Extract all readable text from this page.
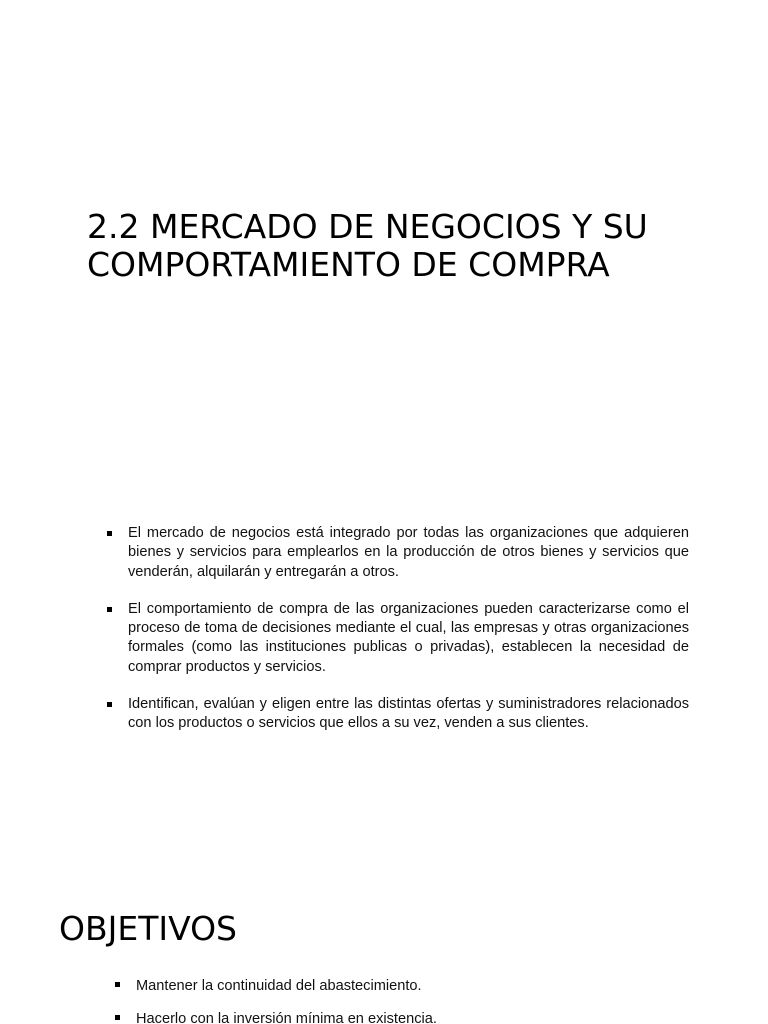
2.2 MERCADO DE NEGOCIOS Y SU
COMPORTAMIENTO DE COMPRA
El mercado de negocios está integrado por todas las organizaciones que adquieren bienes y servicios para emplearlos en la producción de otros bienes y servicios que venderán, alquilarán y entregarán a otros.
El comportamiento de compra de las organizaciones pueden caracterizarse como el proceso de toma de decisiones mediante el cual, las empresas y otras organizaciones formales (como las instituciones publicas o privadas), establecen la necesidad de comprar productos y servicios.
Identifican, evalúan y eligen entre las distintas ofertas y suministradores relacionados con los productos o servicios que ellos a su vez, venden a sus clientes.
OBJETIVOS
Mantener la continuidad del abastecimiento.
Hacerlo con la inversión mínima en existencia.
